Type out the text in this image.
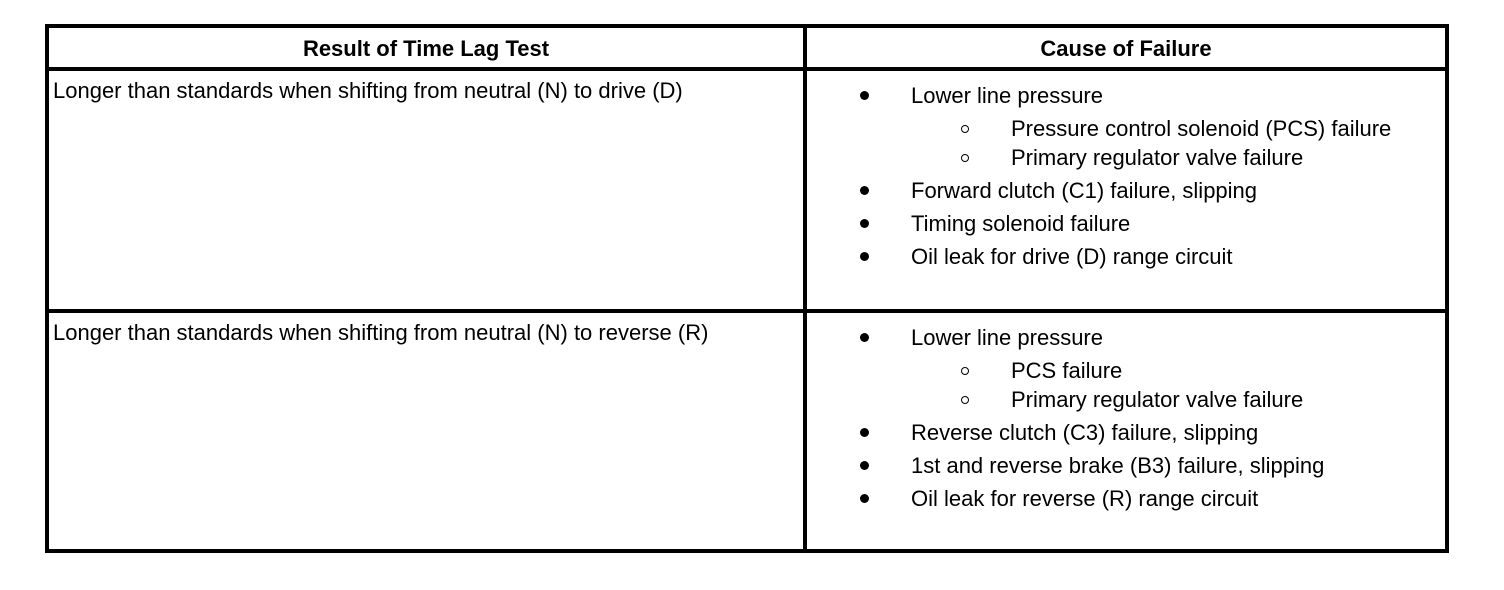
Result of Time Lag Test	Cause of Failure
Longer than standards when shifting from neutral (N) to drive (D)	Lower line pressure
Pressure control solenoid (PCS) failure
Primary regulator valve failure
Forward clutch (C1) failure, slipping
Timing solenoid failure
Oil leak for drive (D) range circuit
Longer than standards when shifting from neutral (N) to reverse (R)	Lower line pressure
PCS failure
Primary regulator valve failure
Reverse clutch (C3) failure, slipping
1st and reverse brake (B3) failure, slipping
Oil leak for reverse (R) range circuit
